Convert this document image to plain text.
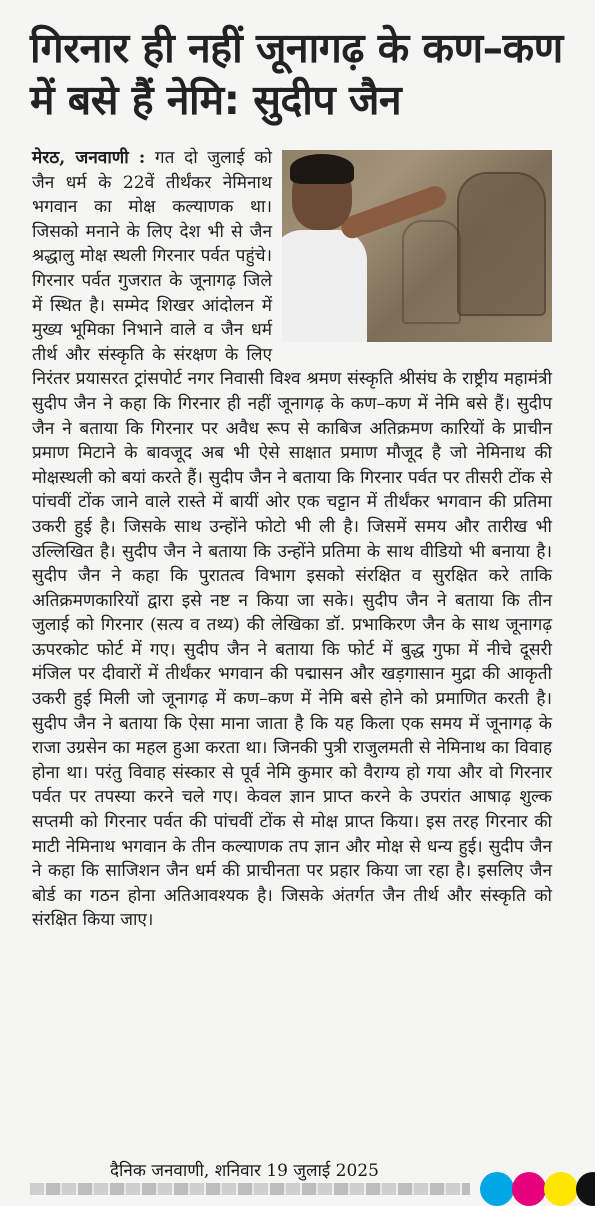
गिरनार ही नहीं जूनागढ़ के कण–कण
में बसे हैं नेमि: सुदीप जैन

मेरठ, जनवाणी : गत दो जुलाई को जैन धर्म के 22वें तीर्थंकर नेमिनाथ भगवान का मोक्ष कल्याणक था। जिसको मनाने के लिए देश भी से जैन श्रद्धालु मोक्ष स्थली गिरनार पर्वत पहुंचे। गिरनार पर्वत गुजरात के जूनागढ़ जिले में स्थित है। सम्मेद शिखर आंदोलन में मुख्य भूमिका निभाने वाले व जैन धर्म तीर्थ और संस्कृति के संरक्षण के लिए निरंतर प्रयासरत ट्रांसपोर्ट नगर निवासी विश्व श्रमण संस्कृति श्रीसंघ के राष्ट्रीय महामंत्री सुदीप जैन ने कहा कि गिरनार ही नहीं जूनागढ़ के कण–कण में नेमि बसे हैं। सुदीप जैन ने बताया कि गिरनार पर अवैध रूप से काबिज अतिक्रमण कारियों के प्राचीन प्रमाण मिटाने के बावजूद अब भी ऐसे साक्षात प्रमाण मौजूद है जो नेमिनाथ की मोक्षस्थली को बयां करते हैं। सुदीप जैन ने बताया कि गिरनार पर्वत पर तीसरी टोंक से पांचवीं टोंक जाने वाले रास्ते में बायीं ओर एक चट्टान में तीर्थंकर भगवान की प्रतिमा उकरी हुई है। जिसके साथ उन्होंने फोटो भी ली है। जिसमें समय और तारीख भी उल्लिखित है। सुदीप जैन ने बताया कि उन्होंने प्रतिमा के साथ वीडियो भी बनाया है। सुदीप जैन ने कहा कि पुरातत्व विभाग इसको संरक्षित व सुरक्षित करे ताकि अतिक्रमणकारियों द्वारा इसे नष्ट न किया जा सके। सुदीप जैन ने बताया कि तीन जुलाई को गिरनार (सत्य व तथ्य) की लेखिका डॉ. प्रभाकिरण जैन के साथ जूनागढ़ ऊपरकोट फोर्ट में गए। सुदीप जैन ने बताया कि फोर्ट में बुद्ध गुफा में नीचे दूसरी मंजिल पर दीवारों में तीर्थंकर भगवान की पद्मासन और खड़गासान मुद्रा की आकृती उकरी हुई मिली जो जूनागढ़ में कण–कण में नेमि बसे होने को प्रमाणित करती है। सुदीप जैन ने बताया कि ऐसा माना जाता है कि यह किला एक समय में जूनागढ़ के राजा उग्रसेन का महल हुआ करता था। जिनकी पुत्री राजुलमती से नेमिनाथ का विवाह होना था। परंतु विवाह संस्कार से पूर्व नेमि कुमार को वैराग्य हो गया और वो गिरनार पर्वत पर तपस्या करने चले गए। केवल ज्ञान प्राप्त करने के उपरांत आषाढ़ शुल्क सप्तमी को गिरनार पर्वत की पांचवीं टोंक से मोक्ष प्राप्त किया। इस तरह गिरनार की माटी नेमिनाथ भगवान के तीन कल्याणक तप ज्ञान और मोक्ष से धन्य हुई। सुदीप जैन ने कहा कि साजिशन जैन धर्म की प्राचीनता पर प्रहार किया जा रहा है। इसलिए जैन बोर्ड का गठन होना अतिआवश्यक है। जिसके अंतर्गत जैन तीर्थ और संस्कृति को संरक्षित किया जाए।

दैनिक जनवाणी, शनिवार 19 जुलाई 2025
